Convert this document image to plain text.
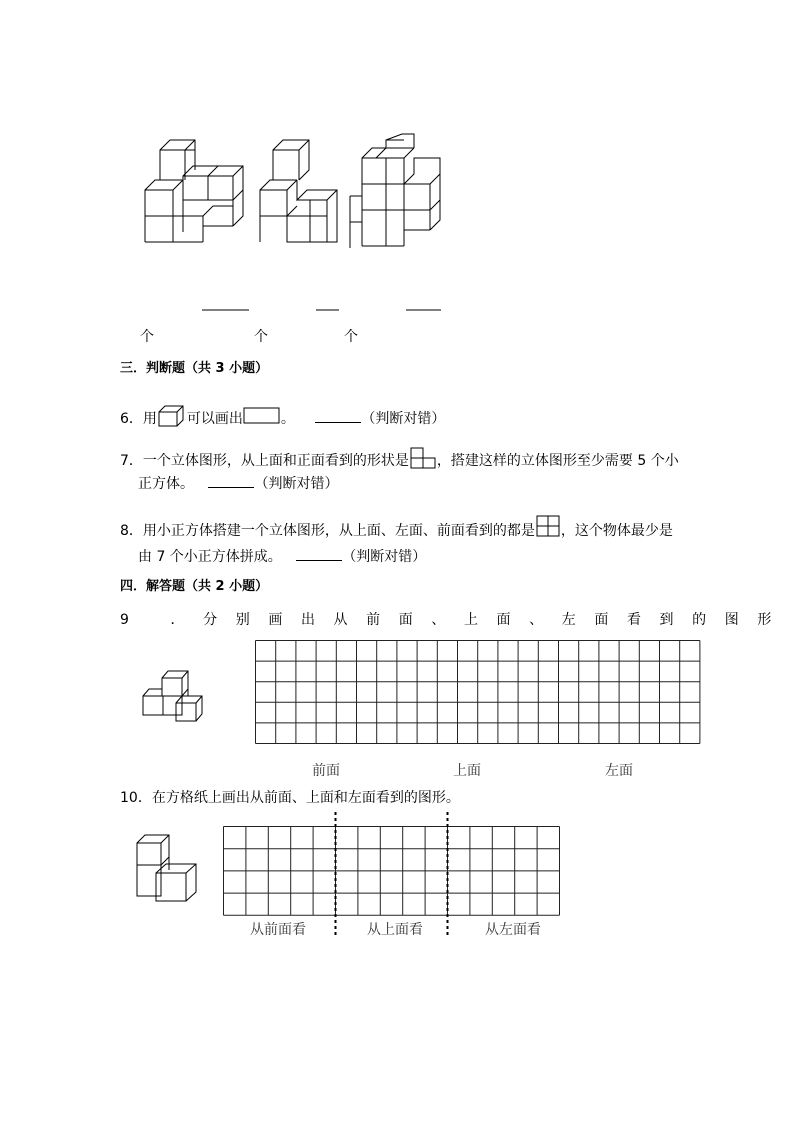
个	个	个
三．判断题（共 3 小题）
6．用 可以画出	。	（判断对错）
7．一个立体图形，从上面和正面看到的形状是 ，搭建这样的立体图形至少需要 5 个小
正方体。	（判断对错）
8．用小正方体搭建一个立体图形，从上面、左面、前面看到的都是 ，这个物体最少是
由 7 个小正方体拼成。	（判断对错）
四．解答题（共 2 小题）
9 ．分别画出从前面、上面、左面看到的图形
前面	上面	左面
10．在方格纸上画出从前面、上面和左面看到的图形。
从前面看	从上面看	从左面看
